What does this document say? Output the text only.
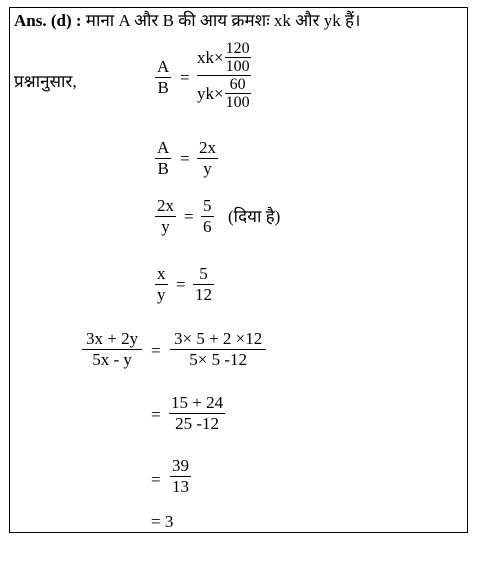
Ans. (d) : माना A और B की आय क्रमशः xk और yk हैं।
प्रश्नानुसार,
A
B
=
xk× 120
100
yk× 60
100
A
B
=
2x
y
2x
y
=
5
6
(दिया है)
x
y
=
5
12
3x + 2y
5x - y =
3× 5 + 2 ×12
5× 5 -12
=
15 + 24
25 -12
=
39
13
= 3
